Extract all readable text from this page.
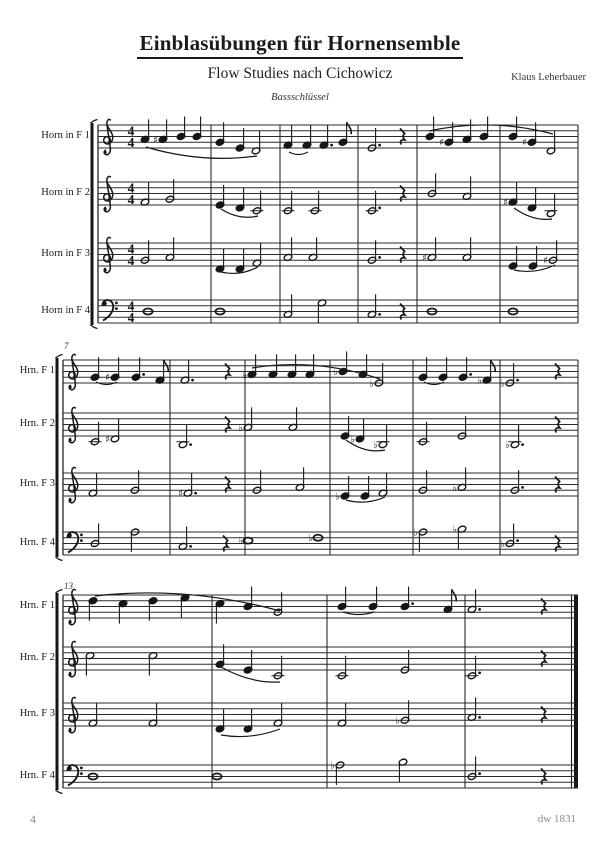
4
4 ♯	♯	♯
4
4	♯
4
4	♯	♯
4
4
♯	♭	♭
♭	♭ ♭
♯
♭
♭
♭	♭
♯	♭
♭
♭	♭
♭	♭
♭
♭
♭
Einblasübungen für Hornensemble
Flow Studies nach Cichowicz	Klaus Leherbauer
Bassschlüssel
Horn in F 1
Horn in F 2
Horn in F 3
Horn in F 4
Hrn. F 1
Hrn. F 2
Hrn. F 3
Hrn. F 4
Hrn. F 1
Hrn. F 2
Hrn. F 3
Hrn. F 4
7
13
4	dw 1831
